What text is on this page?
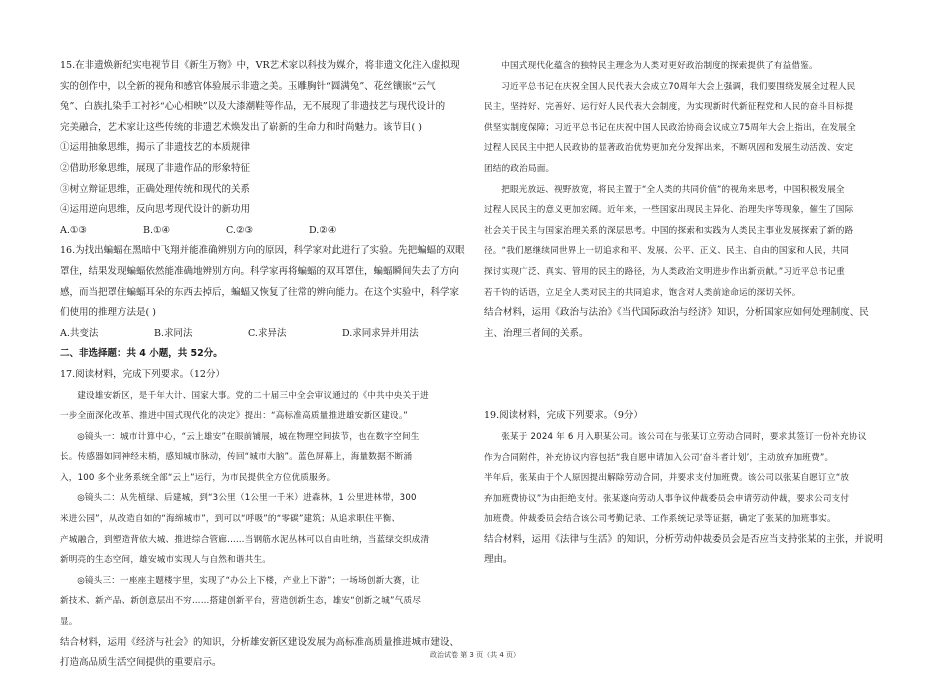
15.在非遗焕新纪实电视节目《新生万物》中，VR艺术家以科技为媒介，将非遗文化注入虚拟现
实的创作中，以全新的视角和感官体验展示非遗之美。玉雕胸针“圆满兔”、花丝镶嵌“云气
兔”、白族扎染手工衬衫“心心相映”以及大漆潮鞋等作品，无不展现了非遗技艺与现代设计的
完美融合，艺术家让这些传统的非遗艺术焕发出了崭新的生命力和时尚魅力。该节目( )

①运用抽象思维，揭示了非遗技艺的本质规律

②借助形象思维，展现了非遗作品的形象特征

③树立辩证思维，正确处理传统和现代的关系

④运用逆向思维，反向思考现代设计的新功用

A.①③	B.①④	C.②③	D.②④

16.为找出蝙蝠在黑暗中飞翔并能准确辨别方向的原因，科学家对此进行了实验。先把蝙蝠的双眼
罩住，结果发现蝙蝠依然能准确地辨别方向。科学家再将蝙蝠的双耳罩住，蝙蝠瞬间失去了方向
感，而当把罩住蝙蝠耳朵的东西去掉后，蝙蝠又恢复了往常的辨向能力。在这个实验中，科学家
们使用的推理方法是( )

A.共变法	B.求同法	C.求异法	D.求同求异并用法

二、非选择题：共 4 小题，共 52分。

17.阅读材料，完成下列要求。（12分）

建设雄安新区，是千年大计、国家大事。党的二十届三中全会审议通过的《中共中央关于进
一步全面深化改革、推进中国式现代化的决定》提出：“高标准高质量推进雄安新区建设。”

◎镜头一：城市计算中心，“云上雄安”在眼前铺展，城在物理空间拔节，也在数字空间生
长。传感器如同神经末梢，感知城市脉动，传回“城市大脑”。蓝色屏幕上，海量数据不断涌
入，100 多个业务系统全部“云上”运行，为市民提供全方位优质服务。

◎镜头二：从先植绿、后建城，到“3公里（1公里一千米）进森林，1 公里进林带，300
米进公园”，从改造自如的“海绵城市”，到可以“呼吸”的“零碳”建筑；从追求职住平衡、
产城融合，到塑造背依大城、推进综合管廊……当钢筋水泥丛林可以自由吐纳，当蓝绿交织成清
新明亮的生态空间，雄安城市实现人与自然和谐共生。

◎镜头三：一座座主题楼宇里，实现了“办公上下楼，产业上下游”；一场场创新大赛，让
新技术、新产品、新创意层出不穷……搭建创新平台，营造创新生态，雄安“创新之城”气质尽
显。

结合材料，运用《经济与社会》的知识，分析雄安新区建设发展为高标准高质量推进城市建设、
打造高品质生活空间提供的重要启示。

中国式现代化蕴含的独特民主理念为人类对更好政治制度的探索提供了有益借鉴。

习近平总书记在庆祝全国人民代表大会成立70周年大会上强调，我们要围绕发展全过程人民
民主，坚持好、完善好、运行好人民代表大会制度，为实现新时代新征程党和人民的奋斗目标提
供坚实制度保障；习近平总书记在庆祝中国人民政治协商会议成立75周年大会上指出，在发展全
过程人民民主中把人民政协的显著政治优势更加充分发挥出来，不断巩固和发展生动活泼、安定
团结的政治局面。

把眼光放远、视野放宽，将民主置于“全人类的共同价值”的视角来思考，中国积极发展全
过程人民民主的意义更加宏阔。近年来，一些国家出现民主异化、治理失序等现象，催生了国际
社会关于民主与国家治理关系的深层思考。中国的探索和实践为人类民主事业发展探索了新的路
径。“我们愿继续同世界上一切追求和平、发展、公平、正义、民主、自由的国家和人民，共同
探讨实现广泛、真实、管用的民主的路径，为人类政治文明进步作出新贡献。”习近平总书记重
若千钧的话语，立足全人类对民主的共同追求，饱含对人类前途命运的深切关怀。

结合材料，运用《政治与法治》《当代国际政治与经济》知识，分析国家应如何处理制度、民
主、治理三者间的关系。

19.阅读材料，完成下列要求。（9分）

张某于 2024 年 6 月入职某公司。该公司在与张某订立劳动合同时，要求其签订一份补充协议
作为合同附件，补充协议内容包括“我自愿申请加入公司‘奋斗者计划’，主动放弃加班费”。
半年后，张某由于个人原因提出解除劳动合同，并要求支付加班费。该公司以张某自愿订立“放
弃加班费协议”为由拒绝支付。张某遂向劳动人事争议仲裁委员会申请劳动仲裁，要求公司支付
加班费。仲裁委员会结合该公司考勤记录、工作系统记录等证据，确定了张某的加班事实。

结合材料，运用《法律与生活》的知识，分析劳动仲裁委员会是否应当支持张某的主张，并说明
理由。

政治试卷 第 3 页（共 4 页）
